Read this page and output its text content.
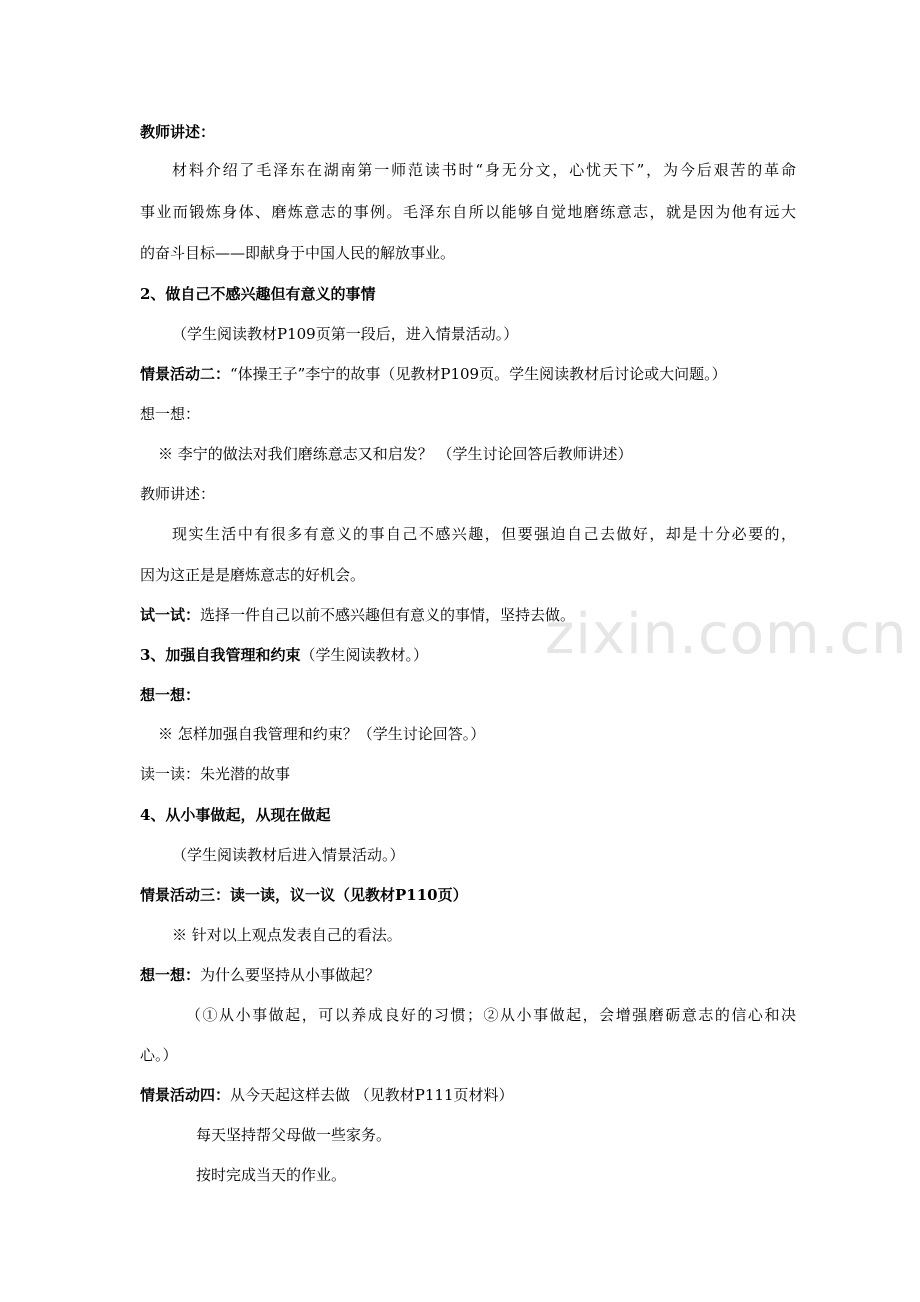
zixin.com.cn
教师讲述：
材料介绍了毛泽东在湖南第一师范读书时“身无分文，心忧天下”，为今后艰苦的革命
事业而锻炼身体、磨炼意志的事例。毛泽东自所以能够自觉地磨练意志，就是因为他有远大
的奋斗目标——即献身于中国人民的解放事业。
2、做自己不感兴趣但有意义的事情
（学生阅读教材P109页第一段后，进入情景活动。）
情景活动二：“体操王子”李宁的故事（见教材P109页。学生阅读教材后讨论或大问题。）
想一想：
※ 李宁的做法对我们磨练意志又和启发？ （学生讨论回答后教师讲述）
教师讲述：
现实生活中有很多有意义的事自己不感兴趣，但要强迫自己去做好，却是十分必要的，
因为这正是是磨炼意志的好机会。
试一试：选择一件自己以前不感兴趣但有意义的事情，坚持去做。
3、加强自我管理和约束（学生阅读教材。）
想一想：
※ 怎样加强自我管理和约束？（学生讨论回答。）
读一读：朱光潜的故事
4、从小事做起，从现在做起
（学生阅读教材后进入情景活动。）
情景活动三：读一读，议一议（见教材P110页）
※ 针对以上观点发表自己的看法。
想一想：为什么要坚持从小事做起？
（①从小事做起，可以养成良好的习惯；②从小事做起，会增强磨砺意志的信心和决
心。）
情景活动四：从今天起这样去做 （见教材P111页材料）
每天坚持帮父母做一些家务。
按时完成当天的作业。
